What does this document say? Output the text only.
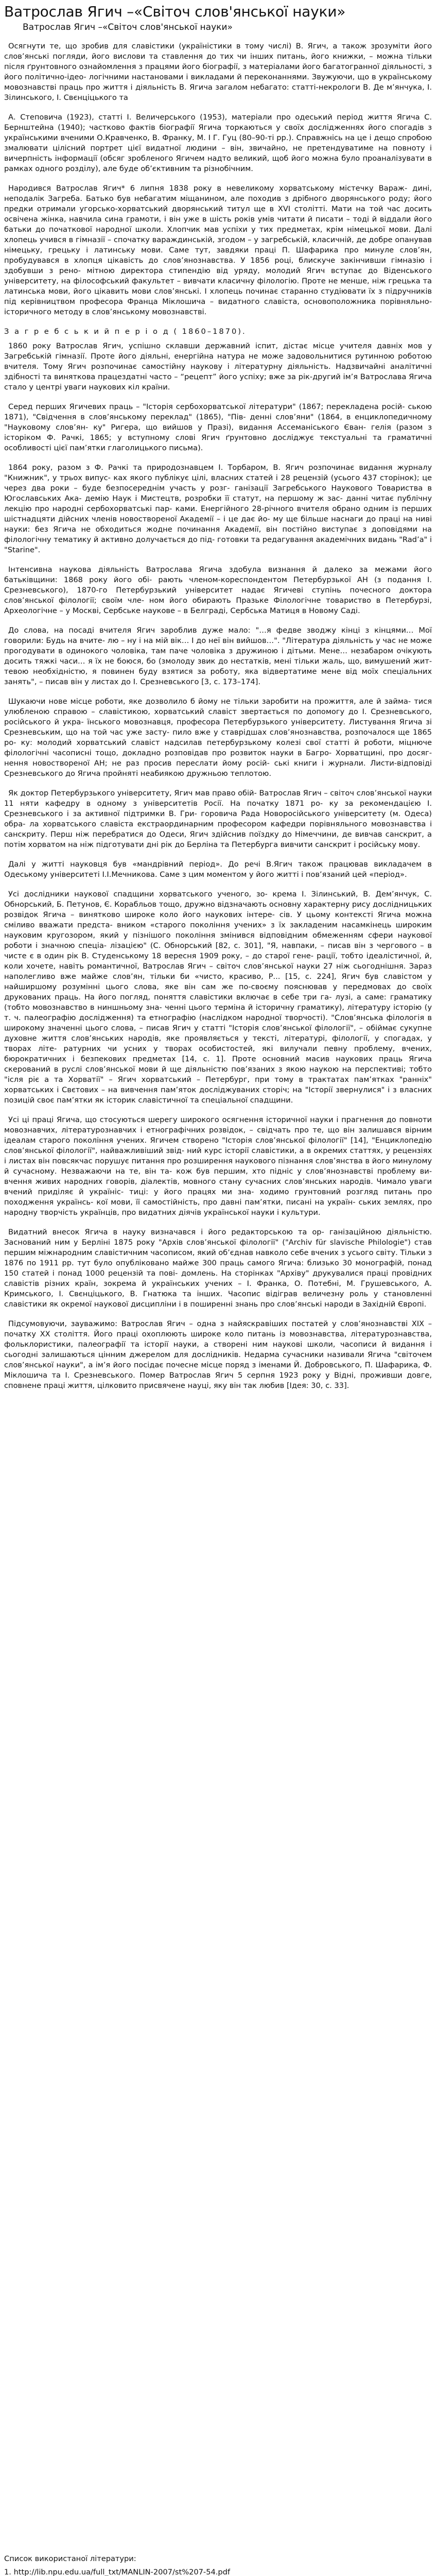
Ватрослав Ягич –«Світоч слов'янської науки»
Ватрослав Ягич –«Світоч слов'янської науки»

Осягнути те, що зробив для славістики (україністики в тому числі) В. Ягич, а також зрозуміти його слов’янські погляди, його вислови та ставлення до тих чи інших питань, його книжки, – можна тільки після ґрунтовного ознайомлення з працями його біографії, з матеріалами його багатогранної діяльності, з його політично-ідео- логічними настановами і викладами й переконаннями. Звужуючи, що в українському мовознавстві праць про життя і діяльність В. Ягича загалом небагато: статті-некрологи В. Де м’янчука, І. Зілинського, І. Свєнціцького та

А. Степовича (1923), статті І. Величерського (1953), матеріали про одеський період життя Ягича С. Бернштейна (1940); частково фактів біографії Ягича торкаються у своїх дослідженнях його спогадів з українськими вченими О.Кравченко, В. Франку, М. І Г. Гуц (80–90-ті рр.). Справжнісь на це і дещо спробою змалювати цілісний портрет цієї видатної людини – він, звичайно, не претендуватиме на повноту і вичерпність інформації (обсяг зробленого Ягичем надто великий, щоб його можна було проаналізувати в рамках одного розділу), але буде об’єктивним та різнобічним.

Народився Ватрослав Ягич* 6 липня 1838 року в невеликому хорватському містечку Варaж- дині, неподалік Загреба. Батько був небагатим міщанином, але походив з дрібного дворянського роду; його предки отримали угорсько-хорватський дворянський титул ще в XVI столітті. Мати на той час досить освічена жінка, навчила сина грамоти, і він уже в шість років умів читати й писати – тоді й віддали його батьки до початкової народної школи. Хлопчик мав успіхи у тих предметах, крім німецької мови. Далі хлопець учився в гімназії – спочатку вараждинській, згодом – у загребській, класичній, де добре опанував німецьку, грецьку і латинську мови. Саме тут, завдяки праці П. Шафарика про минуле слов’ян, пробудувався в хлопця цікавість до слов’янознавства. У 1856 році, блискуче закінчивши гімназію і здобувши з рено- мітною директора стипендію від уряду, молодий Ягич вступає до Віденського університету, на філософський факультет – вивчати класичну філологію. Проте не менше, ніж грецька та латинська мови, його цікавить мови слов’янські. І хлопець починає старанно студіювати їх з підручників під керівництвом професора Франца Міклошича – видатного славіста, основоположника порівняльно-історичного методу в слов’янському мовознавстві.

З а г р е б с ь к и й п е р і о д ( 1860–1870).

1860 року Ватрослав Ягич, успішно склавши державний іспит, дістає місце учителя давніх мов у Загребській гімназії. Проте його діяльні, енергійна натура не може задовольнитися рутинною роботою вчителя. Тому Ягич розпочинає самостійну наукову і літературну діяльність. Надзвичайні аналітичні здібності та виняткова працездатні часто – “рецепт” його успіху; вже за рік-другий ім’я Ватрослава Ягича стало у центрі уваги наукових кіл країни.

Серед перших Ягичевих праць – "Історія сербохорватської літератури" (1867; перекладена росій- ською 1871), "Свідчення в слов’янському переклад" (1865), "Пів- денні слов’яни" (1864, в енциклопедичному "Науковому слов’ян- ку" Ригера, що вийшов у Празі), видання Ассеманіського Єван- гелія (разом з історіком Ф. Рачкі, 1865; у вступному слові Ягич ґрунтовно досліджує текстуальні та граматичні особливості цієї пам’ятки глаголицького письма).

1864 року, разом з Ф. Рачкі та природознавцем І. Торбаром, В. Ягич розпочинає видання журналу "Книжник", у трьох випус- ках якого публікує цілі, власних статей і 28 рецензій (усього 437 сторінок); це через два роки – буде безпосереднім участь у розг- ганізації Загребського Наукового Товариства в Югославських Ака- демію Наук і Мистецтв, розробки її статут, на першому ж зас- данні читає публічну лекцію про народні сербохорватські пар- ками. Енергійного 28-річного вчителя обрано одним із перших шістнадцяти дійсних членів новоствореної Академії – і це дає йо- му ще більше наснаги до праці на ниві науки: без Ягича не обходиться жодне починання Академії, він постійно виступає з доповідями на філологічну тематику й активно долучається до під- готовки та редагування академічних видань "Rad’a" і "Starine".

Інтенсивна наукова діяльність Ватрослава Ягича здобула визнання й далеко за межами його батьківщини: 1868 року його обі- рають членом-кореспондентом Петербурзької АН (з подання І. Срезневського), 1870-го Петербурзький університет надає Ягичеві ступінь почесного доктора слов’янської філології; своїм чле- ном його обирають Празьке Філологічне товариство в Петербурзі, Археологічне – у Москві, Сербське наукове – в Белграді, Сербська Матиця в Новому Саді.

До слова, на посаді вчителя Ягич зароблив дуже мало: "…я федве зводжу кінці з кінцями… Мої говорили: Будь на вчите- лю – ну і на мій вiк… І до неї він вийшов…". "Література діяльність у час не може прогодувати в одинокого чоловіка, там паче чоловіка з дружиною і дітьми. Мене… незабаром очікують досить тяжкі часи… я їх не боюся, бо (змолоду звик до нестатків, мені тільки жаль, що, вимушений жит- тевою необхідністю, я повинен буду взятися за роботу, яка відвертатиме мене від моїх спеціальних занять", – писав він у листах до І. Срезневського [3, с. 173–174].

Шукаючи нове місце роботи, яке дозволило б йому не тільки заробити на прожиття, але й займа- тися улюбленою справою – славістикою, хорватський славіст звертається по допомогу до І. Срезневського, російського й укра- їнського мовознавця, професора Петербурзького університету. Листування Ягича зі Срезневським, що на той час уже засту- пило вже у ставрідшах слов’янознавства, розпочалося ще 1865 ро- ку: молодий хорватський славіст надсилав петербурзькому колезі свої статті й роботи, міцнюче філологічні часописні тощо, докладно розповідав про розвиток науки в Багро- Хорватщині, про досяг- нення новоствореної АН; не раз просив переслати йому росій- ські книги і журнали. Листи-відповіді Срезневського до Ягича пройняті неабиякою дружньою теплотою.

Як доктор Петербурзького університету, Ягич мав право обій- Ватрослав Ягич – світоч слов’янської науки 11 няти кафедру в одному з університетів Росії. На початку 1871 ро- ку за рекомендацією І. Срезневського і за активної підтримки В. Гри- горовича Рада Новоросійського університету (м. Одеса) обра- ла хорватського славіста екстраординарним професором кафедри порівняльного мовознавства і санскриту. Перш ніж перебратися до Одеси, Ягич здійснив поїздку до Німеччини, де вивчав санскрит, а потім хорватом на ніж підготувати дні рік до Берліна та Петербурга вивчити санскрит і російську мову.

Далі у житті науковця був «мандрівний період». До речі В.Ягич також працював викладачем в Одеському університеті І.І.Мечникова. Саме з цим моментом у його житті і пов’язаний цей «період».

Усі дослідники наукової спадщини хорватського ученого, зо- крема І. Зілинський, В. Дем’янчук, С. Обнорський, Б. Петунов, Є. Корабльов тощо, дружно відзначають основну характерну рису дослідницьких розвідок Ягича – винятково широке коло його наукових інтере- сів. У цьому контексті Ягича можна сміливо вважати предста- вником «старого покоління учених» з їх закладеним насамкінець широким науковим кругозором, який у пізнішого покоління змінився відповідним обмеженням сфери наукової роботи і значною спеціа- лізацією" (С. Обнорський [82, с. 301], "Я, навпаки, – писав він з чергового – в чисте є в один рік В. Студенському 18 вересня 1909 року, – до старої гене- рації, тобто ідеалістичної, й, коли хочете, навіть романтичної, Ватрослав Ягич – світоч слов’янської науки 27 ніж сьогоднішня. Зараз наполегливо вже майже слов’ян, тільки би «чисто, красиво, Р... [15, с. 224], Ягич був славістом у найширшому розумінні цього слова, яке він сам же по-своєму пояснював у передмовах до своїх друкованих праць. На його погляд, поняття славістики включає в себе три га- лузі, а саме: граматику (тобто мовознавство в ниншньому зна- ченні цього терміна й історичну граматику), літературу історію (у т. ч. палеографію дослідження) та етнографію (наслідком народної творчості). "Слов’янська філологія в широкому значенні цього слова, – писав Ягич у статті "Історія слов’янської філології", – обіймає сукупне духовне життя слов’янських народів, яке проявляється у тексті, літературі, філології, у спогадах, у творах літе- ратурних чи усних у творах особистостей, які вилучали певну проблему, вчених, бюрократичних і безпекових предметах [14, с. 1]. Проте основний масив наукових праць Ягича скерований в руслі слов’янської мови й ще діяльністю пов’язаних з якою наукою на перспективі; тобто "ісля ріє а та Хорватії" – Ягич хорватський – Петербург, при тому в трактатах пам’ятках "ранніх" хорватських і Свєтових – на вивчення пам’яток досліджуваних сторіч; на "Історії звернулися" і з власних позицій своє пам’ятки як історик славістичної та спеціальної спадщини.

Усі ці праці Ягича, що стосуються шерегу широкого осягнення історичної науки і прагнення до повноти мовознавчих, літературознавчих і етнографічних розвідок, – свідчать про те, що він залишався вірним ідеалам старого покоління учених. Ягичем створено "Історія слов’янської філології" [14], "Енциклопедію слов’янської філології", найважливіший звід- ний курс історії славістики, а в окремих статтях, у рецензіях і листах він повсякчас порушує питання про розширення наукового пізнання слов’янства в його минулому й сучасному. Незважаючи на те, він та- кож був першим, хто підніс у слов’янознавстві проблему ви- вчення живих народних говорів, діалектів, мовного стану сучасних слов’янських народів. Чимало уваги вчений приділяє й україніс- тиці: у його працях ми зна- ходимо грунтовний розгляд питань про походження українсь- кої мови, її самостійність, про давні пам’ятки, писані на україн- ських землях, про народну творчість українців, про видатних діячів української науки і культури.

Видатний внесок Ягича в науку визначався і його редакторською та ор- ганізаційною діяльністю. Заснований ним у Берліні 1875 року "Архів слов’янської філології" ("Archiv für slavische Philologie") став першим міжнародним славістичним часописом, який об’єднав навколо себе вчених з усього світу. Тільки з 1876 по 1911 рр. тут було опубліковано майже 300 праць самого Ягича: близько 30 монографій, понад 150 статей і понад 1000 рецензій та пові- домлень. На сторінках "Архіву" друкувалися праці провідних славістів різних країн, зокрема й українських учених – І. Франка, О. Потебні, М. Грушевського, А. Кримського, І. Свєнціцького, В. Гнатюка та інших. Часопис відіграв величезну роль у становленні славістики як окремої наукової дисципліни і в поширенні знань про слов’янські народи в Західній Європі.

Підсумовуючи, зауважимо: Ватрослав Ягич – одна з найяскравіших постатей у слов’янознавстві ХІХ – початку ХХ століття. Його праці охоплюють широке коло питань із мовознавства, літературознавства, фольклористики, палеографії та історії науки, а створені ним наукові школи, часописи й видання і сьогодні залишаються цінним джерелом для дослідників. Недарма сучасники називали Ягича "світочем слов’янської науки", а ім’я його посідає почесне місце поряд з іменами Й. Добровського, П. Шафарика, Ф. Міклошича та І. Срезневського. Помер Ватрослав Ягич 5 серпня 1923 року у Відні, проживши довге, сповнене праці життя, цілковито присвячене науці, яку він так любив [Ідея: 30, с. 33].

Список використаної літератури:
1. http://lib.npu.edu.ua/full_txt/MANLIN-2007/st%207-54.pdf
